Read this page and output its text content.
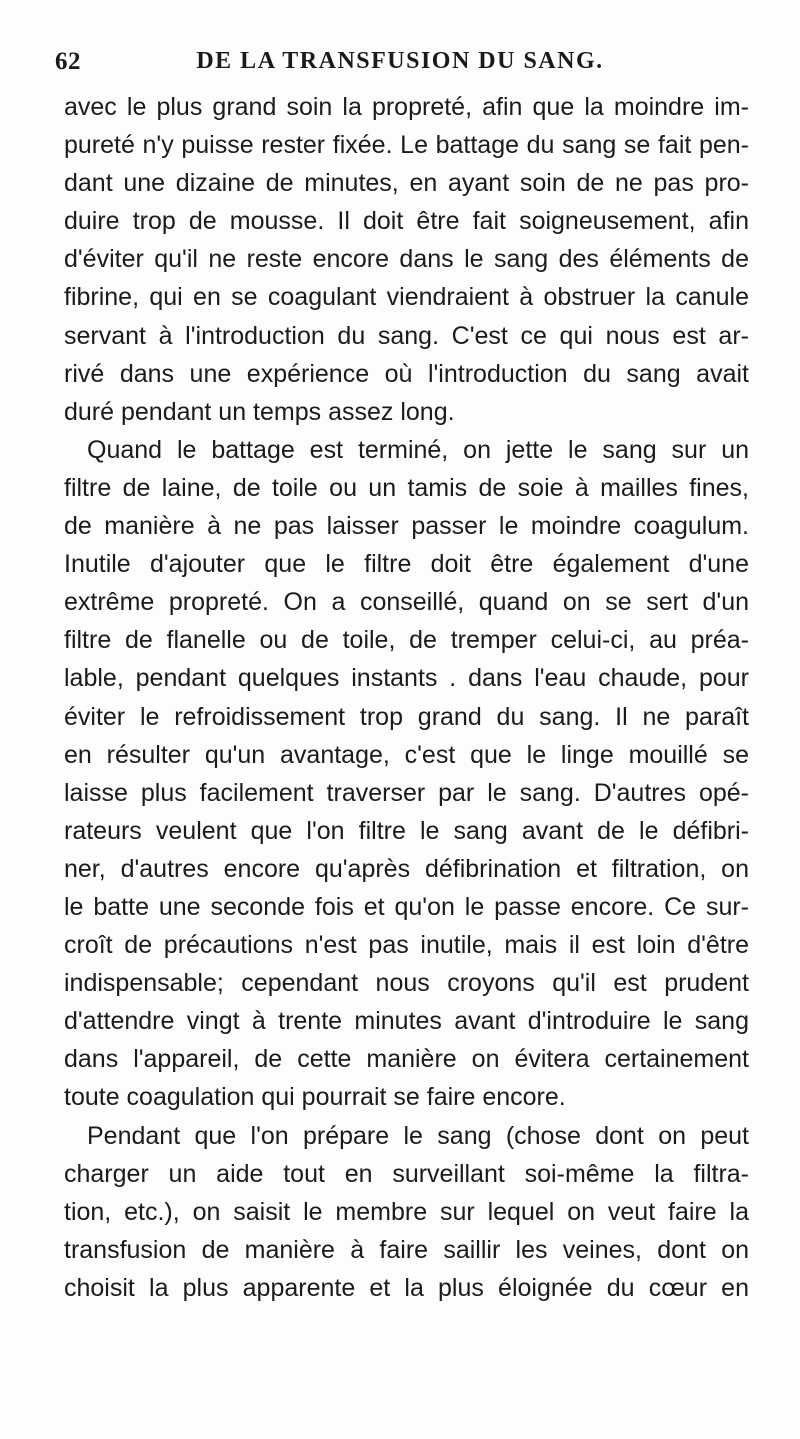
62	DE LA TRANSFUSION DU SANG.
avec le plus grand soin la propreté, afin que la moindre im-
pureté n'y puisse rester fixée. Le battage du sang se fait pen-
dant une dizaine de minutes, en ayant soin de ne pas pro-
duire trop de mousse. Il doit être fait soigneusement, afin
d'éviter qu'il ne reste encore dans le sang des éléments de
fibrine, qui en se coagulant viendraient à obstruer la canule
servant à l'introduction du sang. C'est ce qui nous est ar-
rivé dans une expérience où l'introduction du sang avait
duré pendant un temps assez long.
Quand le battage est terminé, on jette le sang sur un
filtre de laine, de toile ou un tamis de soie à mailles fines,
de manière à ne pas laisser passer le moindre coagulum.
Inutile d'ajouter que le filtre doit être également d'une
extrême propreté. On a conseillé, quand on se sert d'un
filtre de flanelle ou de toile, de tremper celui-ci, au préa-
lable, pendant quelques instants . dans l'eau chaude, pour
éviter le refroidissement trop grand du sang. Il ne paraît
en résulter qu'un avantage, c'est que le linge mouillé se
laisse plus facilement traverser par le sang. D'autres opé-
rateurs veulent que l'on filtre le sang avant de le défibri-
ner, d'autres encore qu'après défibrination et filtration, on
le batte une seconde fois et qu'on le passe encore. Ce sur-
croît de précautions n'est pas inutile, mais il est loin d'être
indispensable; cependant nous croyons qu'il est prudent
d'attendre vingt à trente minutes avant d'introduire le sang
dans l'appareil, de cette manière on évitera certainement
toute coagulation qui pourrait se faire encore.
Pendant que l'on prépare le sang (chose dont on peut
charger un aide tout en surveillant soi-même la filtra-
tion, etc.), on saisit le membre sur lequel on veut faire la
transfusion de manière à faire saillir les veines, dont on
choisit la plus apparente et la plus éloignée du cœur en
